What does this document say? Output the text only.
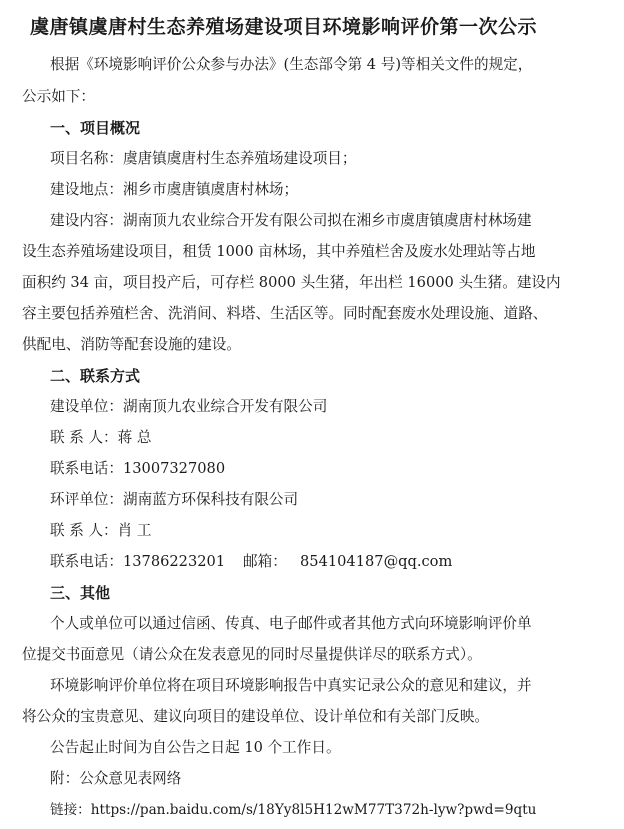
虞唐镇虞唐村生态养殖场建设项目环境影响评价第一次公示
根据《环境影响评价公众参与办法》(生态部令第 4 号)等相关文件的规定，
公示如下：
一、项目概况
项目名称：虞唐镇虞唐村生态养殖场建设项目；
建设地点：湘乡市虞唐镇虞唐村林场；
建设内容：湖南顶九农业综合开发有限公司拟在湘乡市虞唐镇虞唐村林场建
设生态养殖场建设项目，租赁 1000 亩林场，其中养殖栏舍及废水处理站等占地
面积约 34 亩，项目投产后，可存栏 8000 头生猪，年出栏 16000 头生猪。建设内
容主要包括养殖栏舍、洗消间、料塔、生活区等。同时配套废水处理设施、道路、
供配电、消防等配套设施的建设。
二、联系方式
建设单位：湖南顶九农业综合开发有限公司
联 系 人：蒋 总
联系电话：13007327080
环评单位：湖南蓝方环保科技有限公司
联 系 人：肖 工
联系电话：13786223201 邮箱： 854104187@qq.com
三、其他
个人或单位可以通过信函、传真、电子邮件或者其他方式向环境影响评价单
位提交书面意见（请公众在发表意见的同时尽量提供详尽的联系方式）。
环境影响评价单位将在项目环境影响报告中真实记录公众的意见和建议，并
将公众的宝贵意见、建议向项目的建设单位、设计单位和有关部门反映。
公告起止时间为自公告之日起 10 个工作日。
附：公众意见表网络
链接：https://pan.baidu.com/s/18Yy8l5H12wM77T372h-lyw?pwd=9qtu
